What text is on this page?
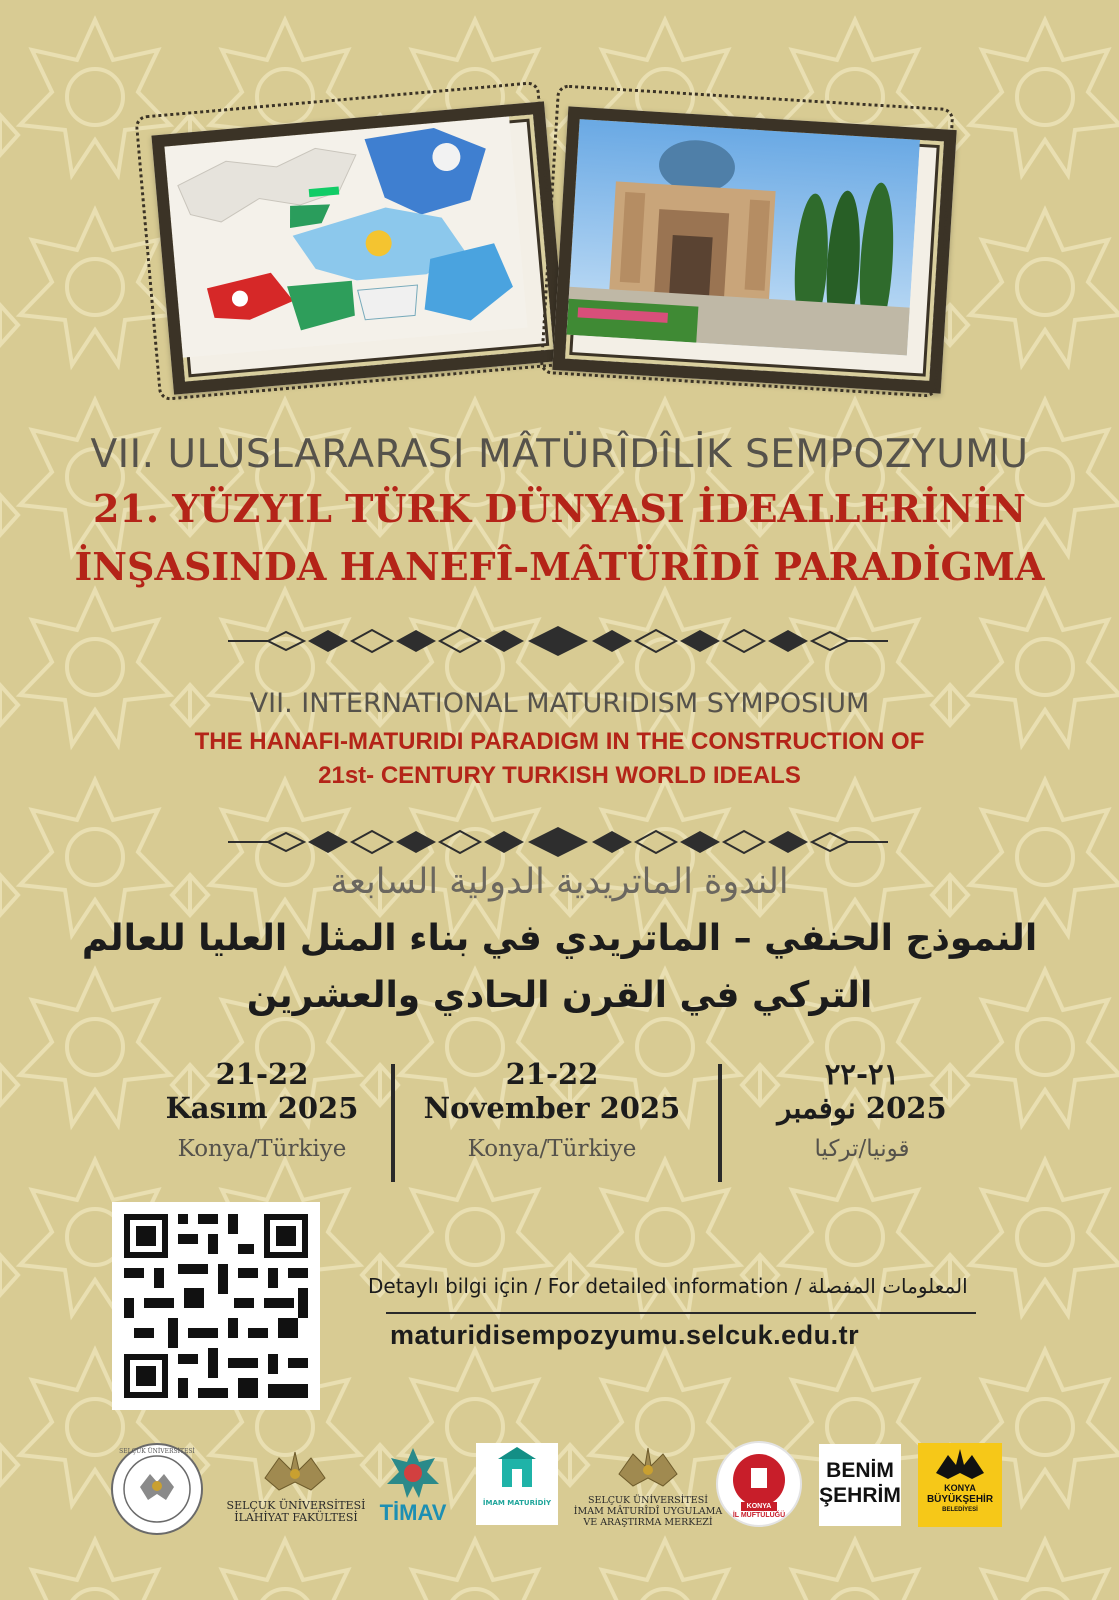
VII. ULUSLARARASI MÂTÜRÎDÎLİK SEMPOZYUMU
21. YÜZYIL TÜRK DÜNYASI İDEALLERİNİN
İNŞASINDA HANEFÎ-MÂTÜRÎDÎ PARADİGMA
VII. INTERNATIONAL MATURIDISM SYMPOSIUM
THE HANAFI-MATURIDI PARADIGM IN THE CONSTRUCTION OF
21st- CENTURY TURKISH WORLD IDEALS
الندوة الماتريدية الدولية السابعة
النموذج الحنفي – الماتريدي في بناء المثل العليا للعالم
التركي في القرن الحادي والعشرين
21-22
Kasım 2025
Konya/Türkiye
21-22
November 2025
Konya/Türkiye
٢١-٢٢
2025 نوفمبر
قونيا/تركيا
Detaylı bilgi için / For detailed information / المعلومات المفصلة
maturidisempozyumu.selcuk.edu.tr
SELÇUK ÜNİVERSİTESİ
SELÇUK ÜNİVERSİTESİ
İLAHİYAT FAKÜLTESİ TİMAV	İMAM MATURİDİY	SELÇUK ÜNİVERSİTESİ
İMAM MÂTURÎDÎ UYGULAMA
VE ARAŞTIRMA MERKEZİ
KONYA
İL MÜFTÜLÜĞÜ
BENİM
ŞEHRİM	KONYA
BÜYÜKŞEHİR
BELEDİYESİ
